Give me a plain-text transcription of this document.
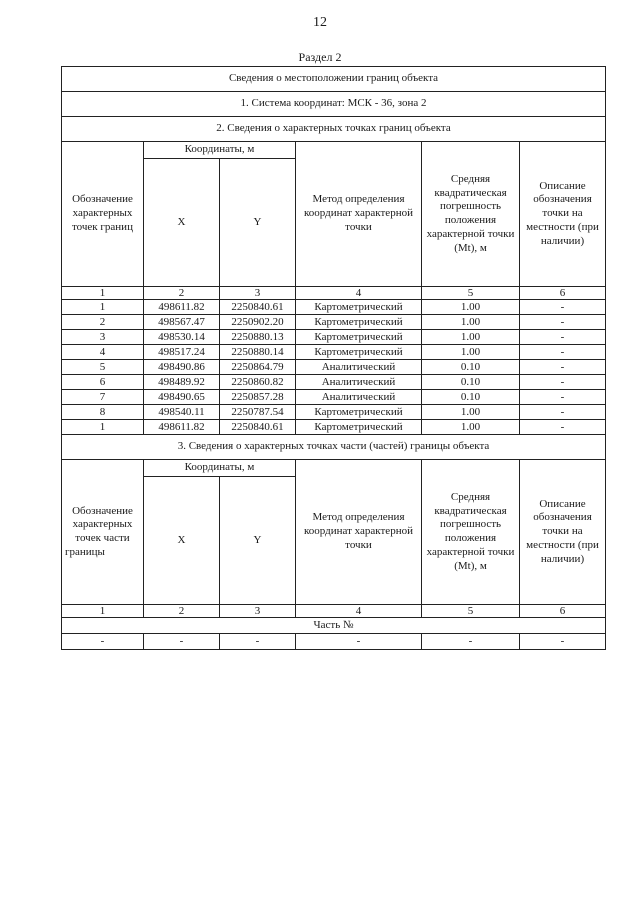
12
Раздел 2
Сведения о местоположении границ объекта					
1. Система координат: МСК - 36, зона 2					
2. Сведения о характерных точках границ объекта					
Обозначение характерных точек границ	Координаты, м		Метод определения координат характерной точки	Средняя квадратическая погрешность положения характерной точки (Mt), м	Описание обозначения точки на местности (при наличии)
	X	Y			
1	2	3	4	5	6
1	498611.82	2250840.61	Картометрический	1.00	-
2	498567.47	2250902.20	Картометрический	1.00	-
3	498530.14	2250880.13	Картометрический	1.00	-
4	498517.24	2250880.14	Картометрический	1.00	-
5	498490.86	2250864.79	Аналитический	0.10	-
6	498489.92	2250860.82	Аналитический	0.10	-
7	498490.65	2250857.28	Аналитический	0.10	-
8	498540.11	2250787.54	Картометрический	1.00	-
1	498611.82	2250840.61	Картометрический	1.00	-
3. Сведения о характерных точках части (частей) границы объекта					
Обозначение характерных точек части границы	Координаты, м		Метод определения координат характерной точки	Средняя квадратическая погрешность положения характерной точки (Mt), м	Описание обозначения точки на местности (при наличии)
	X	Y			
1	2	3	4	5	6
Часть №					
-	-	-	-	-	-
